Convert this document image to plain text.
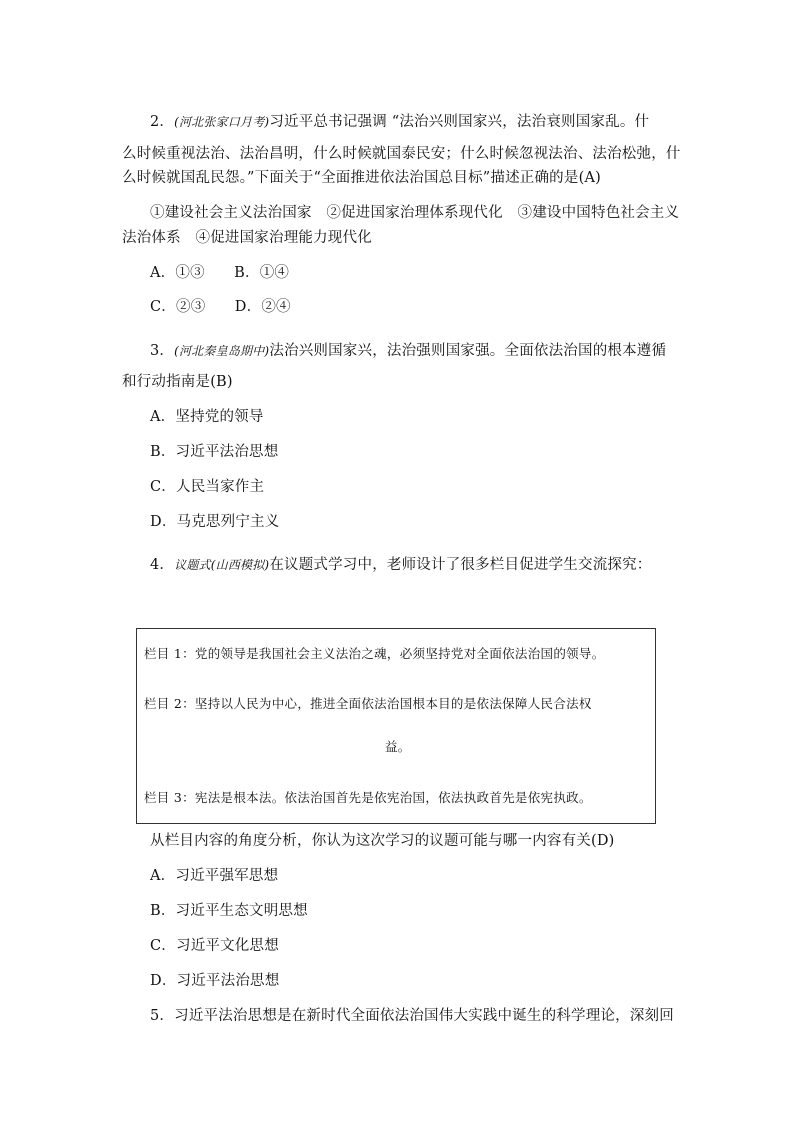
2．(河北张家口月考)习近平总书记强调 “法治兴则国家兴，法治衰则国家乱。什
么时候重视法治、法治昌明，什么时候就国泰民安；什么时候忽视法治、法治松弛，什
么时候就国乱民怨。”下面关于“全面推进依法治国总目标”描述正确的是(A)
①建设社会主义法治国家　②促进国家治理体系现代化　③建设中国特色社会主义
法治体系　④促进国家治理能力现代化
A．①③　　B．①④
C．②③　　D．②④
3．(河北秦皇岛期中)法治兴则国家兴，法治强则国家强。全面依法治国的根本遵循
和行动指南是(B)
A．坚持党的领导
B．习近平法治思想
C．人民当家作主
D．马克思列宁主义
4．议题式(山西模拟)在议题式学习中，老师设计了很多栏目促进学生交流探究：
栏目 1：党的领导是我国社会主义法治之魂，必须坚持党对全面依法治国的领导。
栏目 2：坚持以人民为中心，推进全面依法治国根本目的是依法保障人民合法权
益。
栏目 3：宪法是根本法。依法治国首先是依宪治国，依法执政首先是依宪执政。
从栏目内容的角度分析，你认为这次学习的议题可能与哪一内容有关(D)
A．习近平强军思想
B．习近平生态文明思想
C．习近平文化思想
D．习近平法治思想
5．习近平法治思想是在新时代全面依法治国伟大实践中诞生的科学理论，深刻回
